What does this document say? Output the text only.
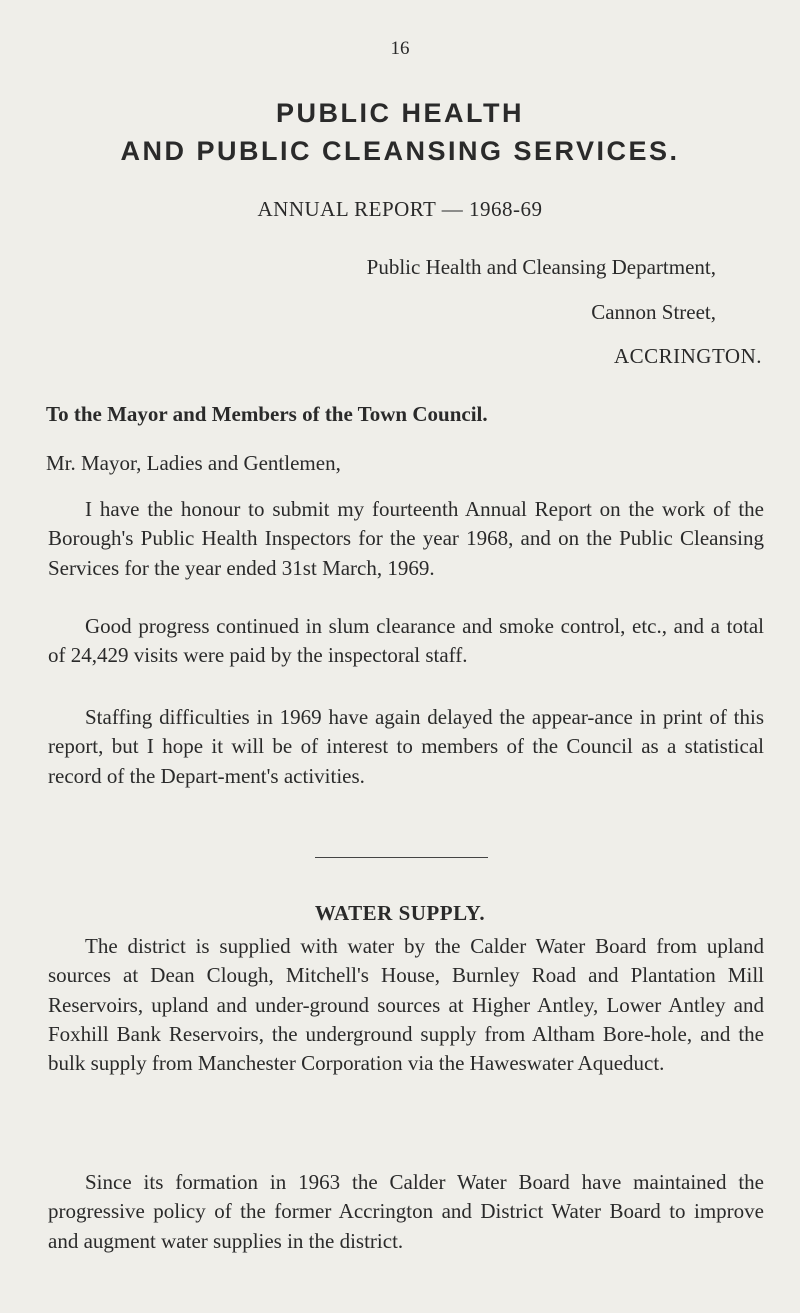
16
PUBLIC HEALTH
AND PUBLIC CLEANSING SERVICES.
ANNUAL REPORT — 1968-69
Public Health and Cleansing Department,
Cannon Street,
ACCRINGTON.
To the Mayor and Members of the Town Council.
Mr. Mayor, Ladies and Gentlemen,

I have the honour to submit my fourteenth Annual Report on the work of the Borough's Public Health Inspectors for the year 1968, and on the Public Cleansing Services for the year ended 31st March, 1969.

Good progress continued in slum clearance and smoke control, etc., and a total of 24,429 visits were paid by the inspectoral staff.

Staffing difficulties in 1969 have again delayed the appear-ance in print of this report, but I hope it will be of interest to members of the Council as a statistical record of the Depart-ment's activities.

WATER SUPPLY.

The district is supplied with water by the Calder Water Board from upland sources at Dean Clough, Mitchell's House, Burnley Road and Plantation Mill Reservoirs, upland and under-ground sources at Higher Antley, Lower Antley and Foxhill Bank Reservoirs, the underground supply from Altham Bore-hole, and the bulk supply from Manchester Corporation via the Haweswater Aqueduct.

Since its formation in 1963 the Calder Water Board have maintained the progressive policy of the former Accrington and District Water Board to improve and augment water supplies in the district.
